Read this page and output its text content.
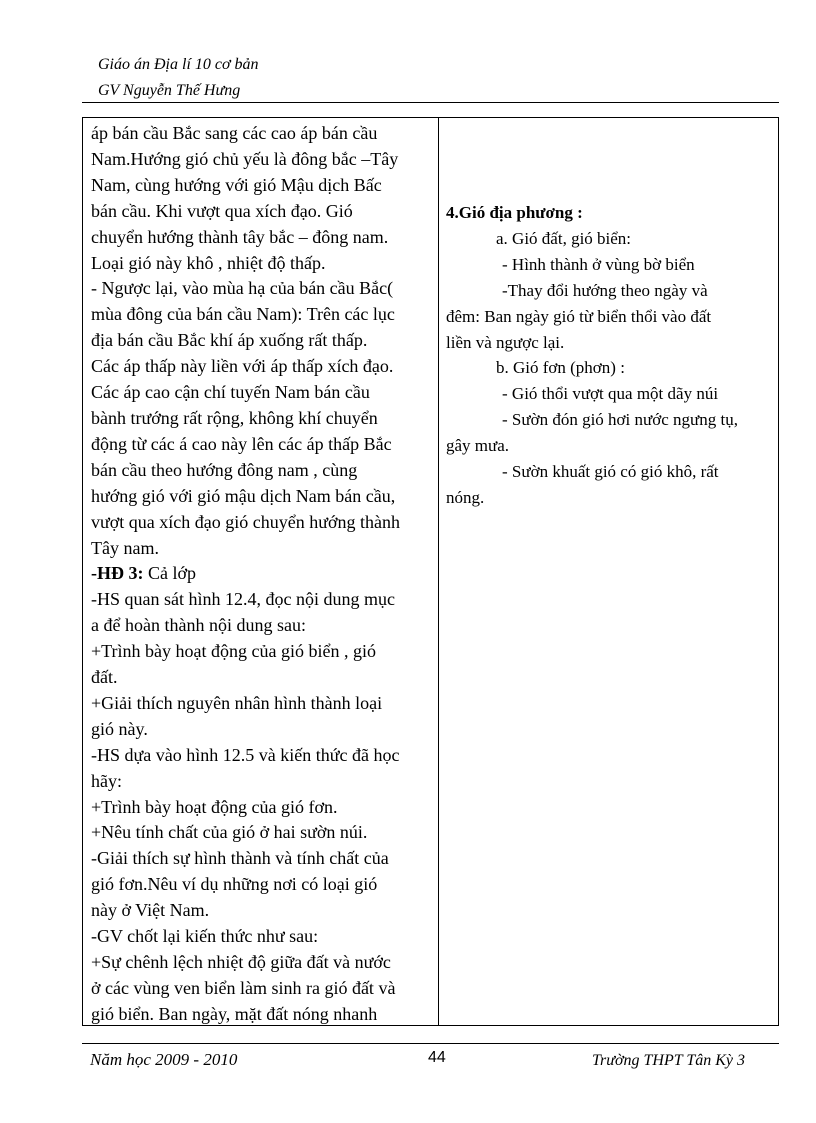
Giáo án Địa lí 10 cơ bản
GV Nguyễn Thế Hưng
áp bán cầu Bắc sang các cao áp bán cầu
Nam.Hướng gió chủ yếu là đông bắc –Tây
Nam, cùng hướng với gió Mậu dịch Bấc
bán cầu. Khi vượt qua xích đạo. Gió
chuyển hướng thành tây bắc – đông nam.
Loại gió này khô , nhiệt độ thấp.
- Ngược lại, vào mùa hạ của bán cầu Bắc(
mùa đông của bán cầu Nam): Trên các lục
địa bán cầu Bắc khí áp xuống rất thấp.
Các áp thấp này liền với áp thấp xích đạo.
Các áp cao cận chí tuyến Nam bán cầu
bành trướng rất rộng, không khí chuyển
động từ các á cao này lên các áp thấp Bắc
bán cầu theo hướng đông nam , cùng
hướng gió với gió mậu dịch Nam bán cầu,
vượt qua xích đạo gió chuyển hướng thành
Tây nam.
-HĐ 3: Cả lớp
-HS quan sát hình 12.4, đọc nội dung mục
a để hoàn thành nội dung sau:
+Trình bày hoạt động của gió biển , gió
đất.
+Giải thích nguyên nhân hình thành loại
gió này.
-HS dựa vào hình 12.5 và kiến thức đã học
hãy:
+Trình bày hoạt động của gió fơn.
+Nêu tính chất của gió ở hai sườn núi.
-Giải thích sự hình thành và tính chất của
gió fơn.Nêu ví dụ những nơi có loại gió
này ở Việt Nam.
-GV chốt lại kiến thức như sau:
+Sự chênh lệch nhiệt độ giữa đất và nước
ở các vùng ven biển làm sinh ra gió đất và
gió biển. Ban ngày, mặt đất nóng nhanh
4.Gió địa phương :
a. Gió đất, gió biển:
- Hình thành ở vùng bờ biển
-Thay đổi hướng theo ngày và
đêm: Ban ngày gió từ biển thổi vào đất
liền và ngược lại.
b. Gió fơn (phơn) :
- Gió thổi vượt qua một dãy núi
- Sườn đón gió hơi nước ngưng tụ,
gây mưa.
- Sườn khuất gió có gió khô, rất
nóng.
Năm học 2009 - 2010	44	Trường THPT Tân Kỳ 3
